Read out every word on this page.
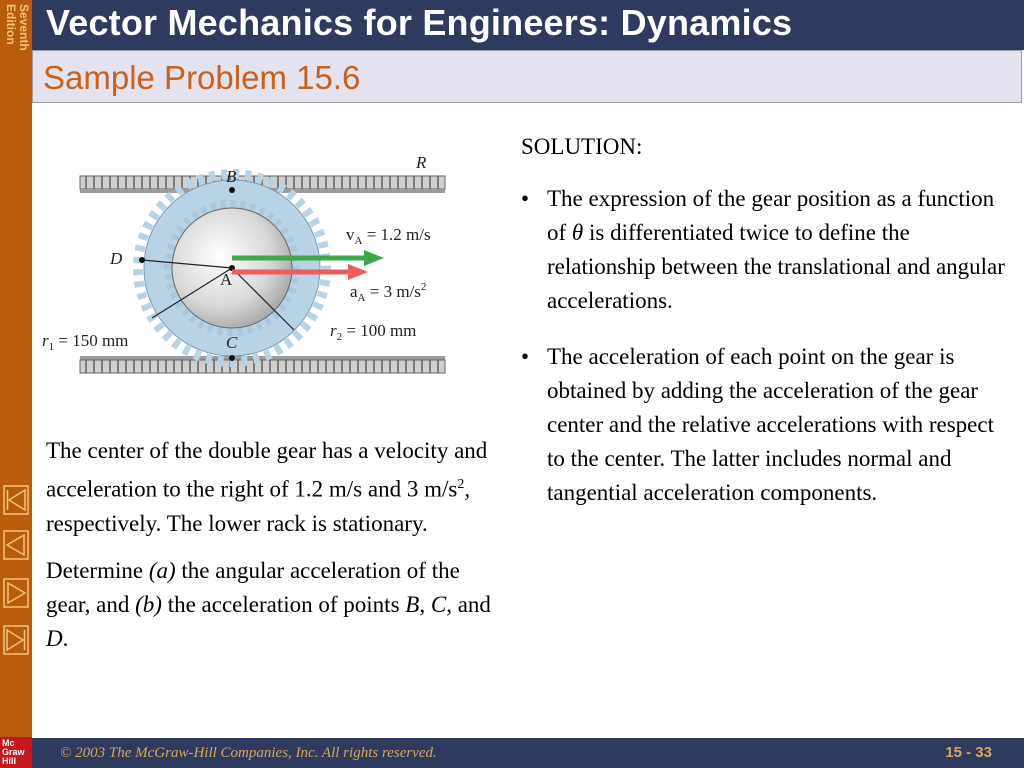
Seventh
Edition Vector Mechanics for Engineers: Dynamics
Sample Problem 15.6
B
C
D
A
R
$v_A = 1.2$ m/s
$a_A = 3$ $m/s^2$
$r_1 = 150$ mm
$r_2 = 100$ mm

The center of the double gear has a velocity and acceleration to the right of 1.2 m/s and 3 $m/s^2$, respectively. The lower rack is stationary.

Determine (a) the angular acceleration of the gear, and (b) the acceleration of points B, C, and D.

SOLUTION:
• The expression of the gear position as a function of θ is differentiated twice to define the relationship between the translational and angular accelerations.
• The acceleration of each point on the gear is obtained by adding the acceleration of the gear center and the relative accelerations with respect to the center. The latter includes normal and tangential acceleration components.
© 2003 The McGraw-Hill Companies, Inc. All rights reserved.	15 - 33
Mc
Graw
Hill
